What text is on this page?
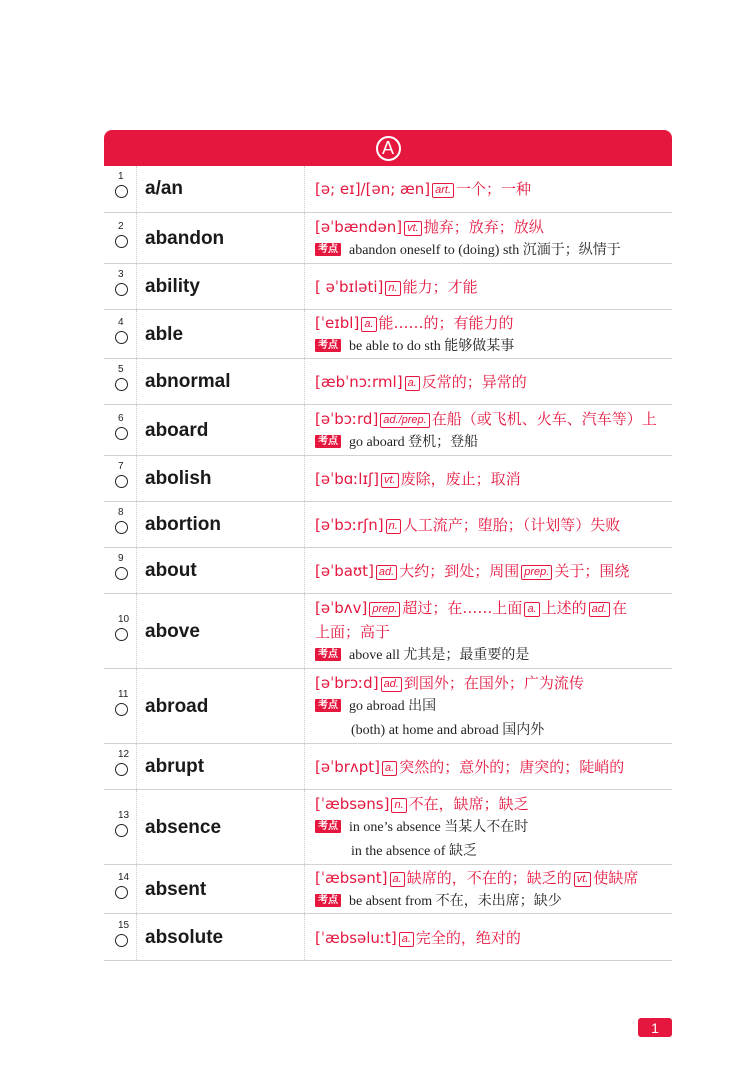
A
1
a/an	[ə; eɪ]/[ən; æn] art. 一个；一种
2
abandon
[əˈbændən] vt. 抛弃；放弃；放纵
考点 abandon oneself to (doing) sth 沉湎于；纵情于
3
ability	[ əˈbɪləti] n. 能力；才能
4
able
[ˈeɪbl] a. 能……的；有能力的
考点 be able to do sth 能够做某事
5
abnormal	[æbˈnɔːrml] a. 反常的；异常的
6
aboard
[əˈbɔːrd] ad./prep. 在船（或飞机、火车、汽车等）上
考点 go aboard 登机；登船
7
abolish	[əˈbɑːlɪʃ] vt. 废除，废止；取消
8
abortion	[əˈbɔːrʃn] n. 人工流产；堕胎；（计划等）失败
9
about	[əˈbaʊt] ad. 大约；到处；周围 prep. 关于；围绕
10
above
[əˈbʌv] prep. 超过；在……上面 a. 上述的 ad. 在
上面；高于
考点 above all 尤其是；最重要的是
11
abroad
[əˈbrɔːd] ad. 到国外；在国外；广为流传
考点 go abroad 出国
(both) at home and abroad 国内外
12
abrupt	[əˈbrʌpt] a. 突然的；意外的；唐突的；陡峭的
13
absence
[ˈæbsəns] n. 不在，缺席；缺乏
考点 in one’s absence 当某人不在时
in the absence of 缺乏
14
absent
[ˈæbsənt] a. 缺席的，不在的；缺乏的 vt. 使缺席
考点 be absent from 不在，未出席；缺少
15
absolute	[ˈæbsəluːt] a. 完全的，绝对的
1
